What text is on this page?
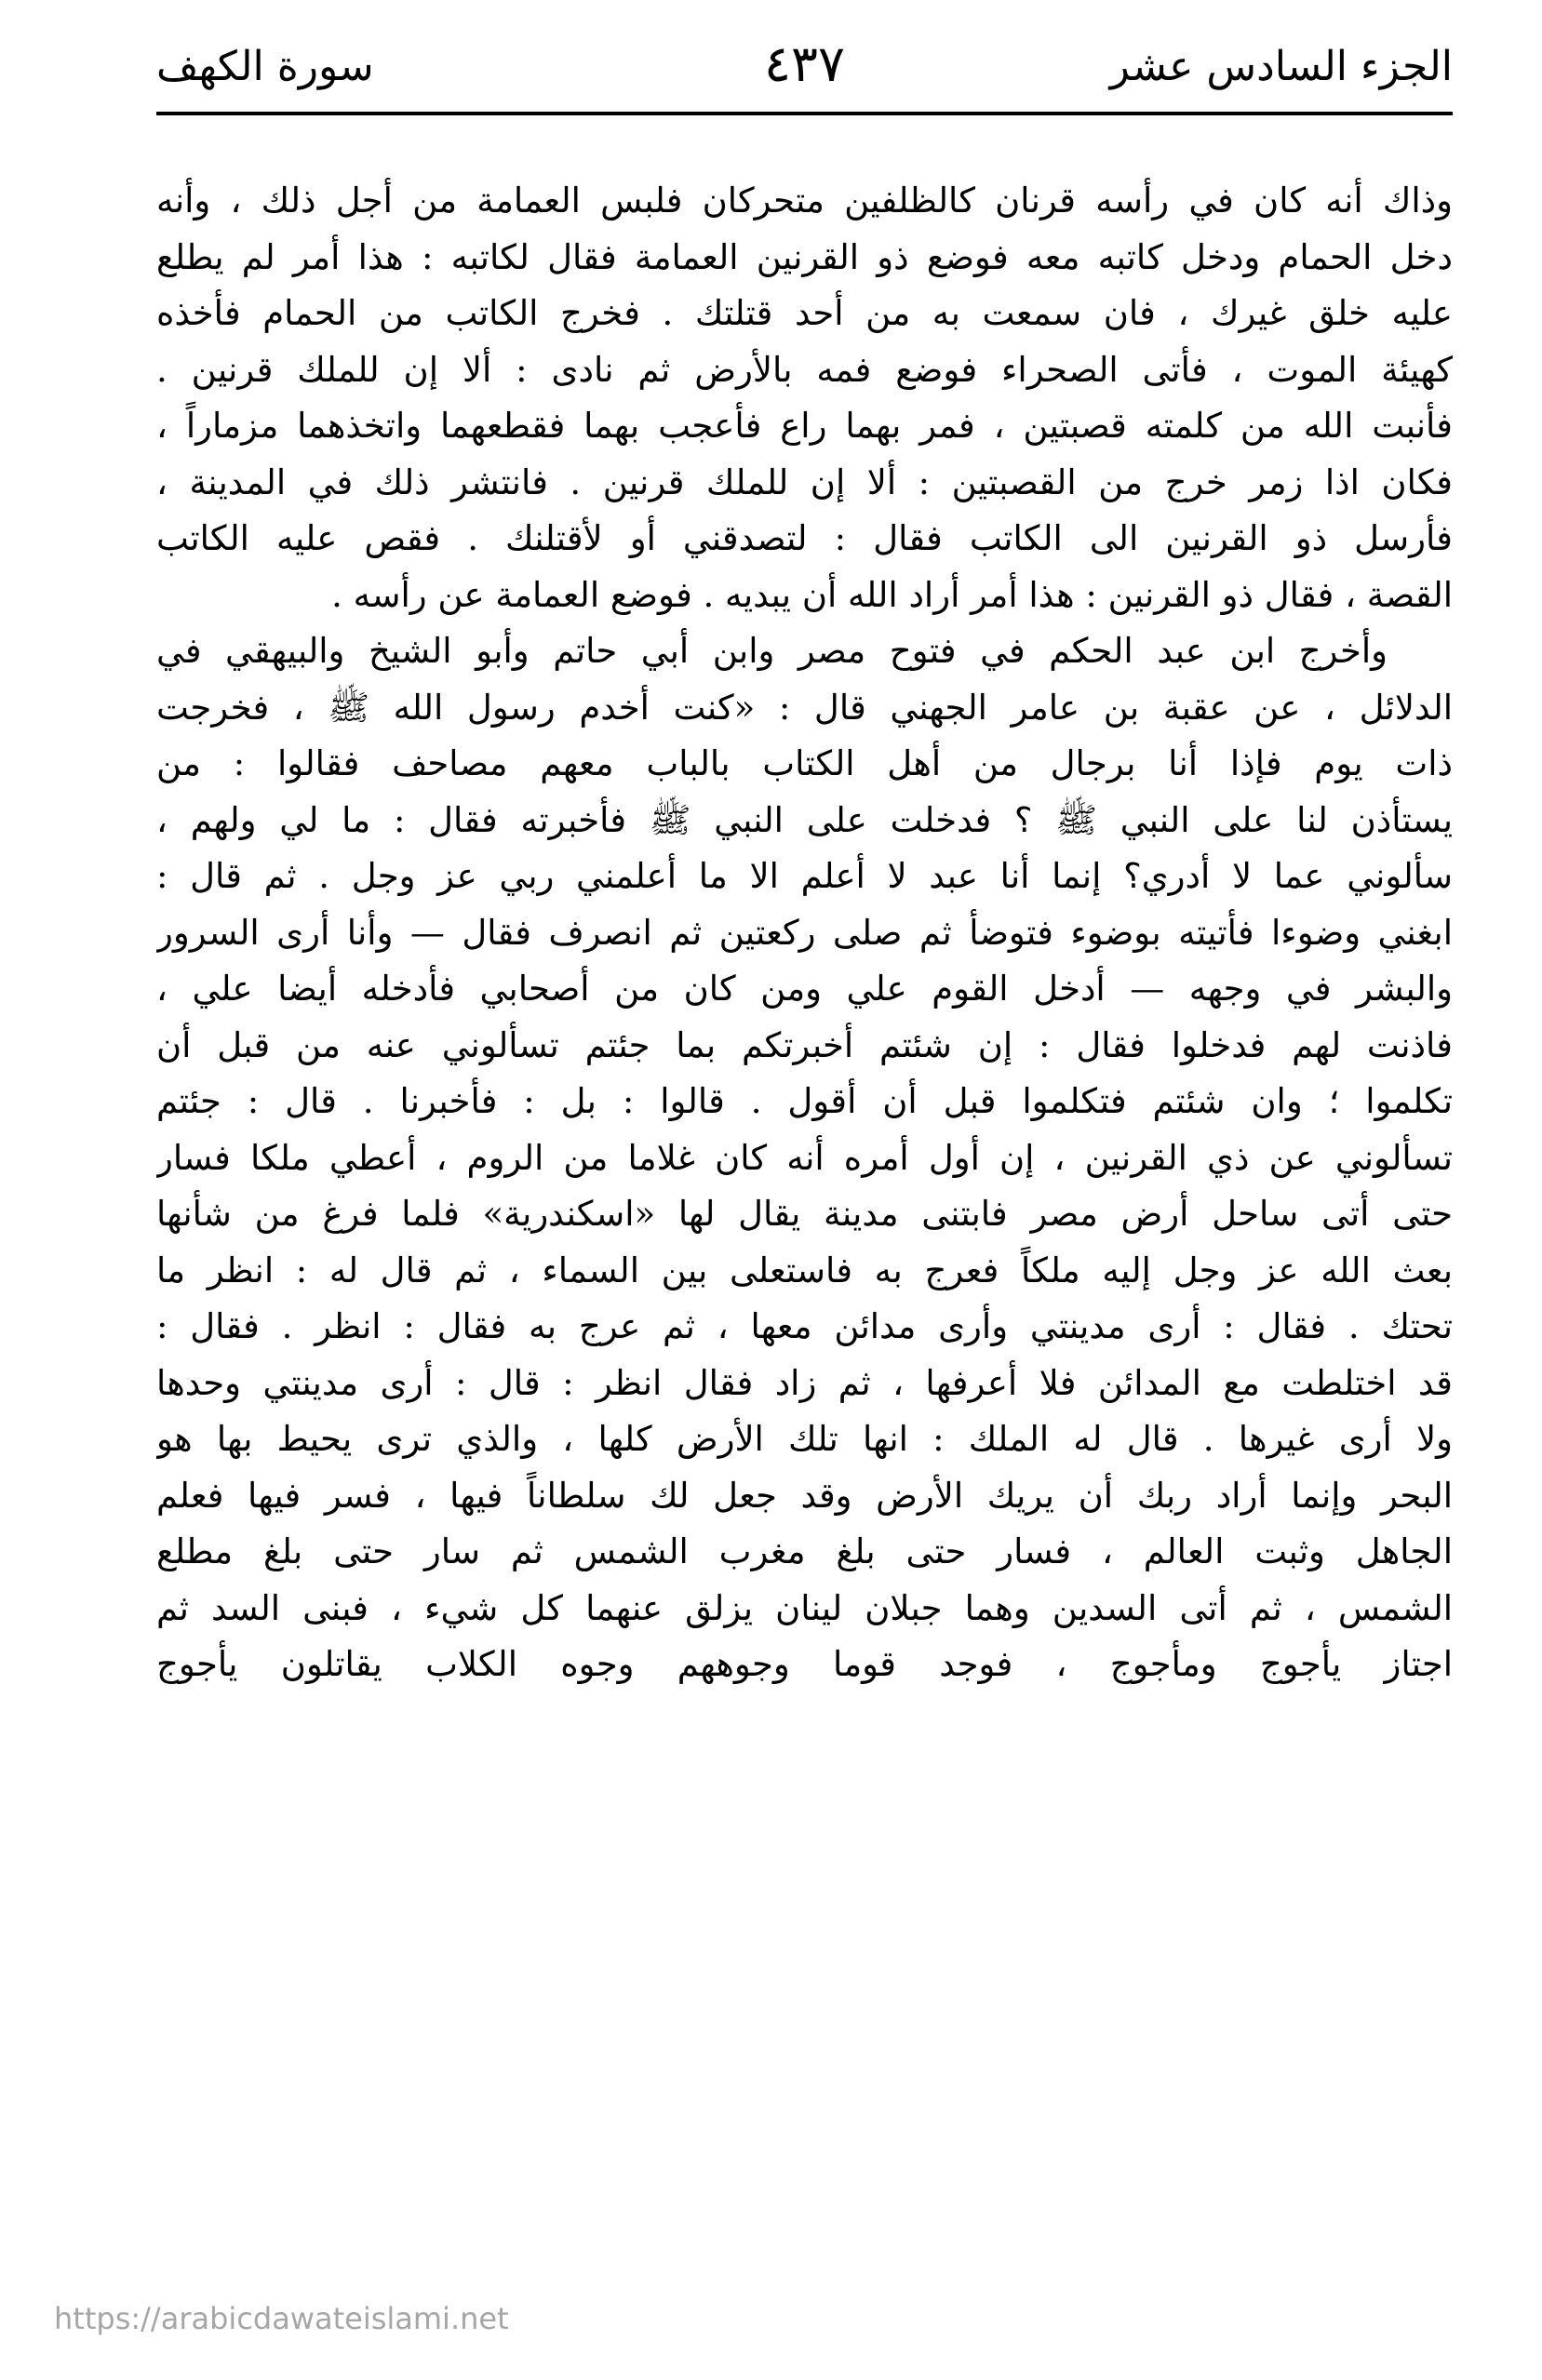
الجزء السادس عشر
٤٣٧
سورة الكهف
وذاك أنه كان في رأسه قرنان كالظلفين متحركان فلبس العمامة من أجل ذلك ، وأنه
دخل الحمام ودخل كاتبه معه فوضع ذو القرنين العمامة فقال لكاتبه : هذا أمر لم يطلع
عليه خلق غيرك ، فان سمعت به من أحد قتلتك . فخرج الكاتب من الحمام فأخذه
كهيئة الموت ، فأتى الصحراء فوضع فمه بالأرض ثم نادى : ألا إن للملك قرنين .
فأنبت الله من كلمته قصبتين ، فمر بهما راع فأعجب بهما فقطعهما واتخذهما مزماراً ،
فكان اذا زمر خرج من القصبتين : ألا إن للملك قرنين . فانتشر ذلك في المدينة ،
فأرسل ذو القرنين الى الكاتب فقال : لتصدقني أو لأقتلنك . فقص عليه الكاتب
القصة ، فقال ذو القرنين : هذا أمر أراد الله أن يبديه . فوضع العمامة عن رأسه .
وأخرج ابن عبد الحكم في فتوح مصر وابن أبي حاتم وأبو الشيخ والبيهقي في
الدلائل ، عن عقبة بن عامر الجهني قال : «كنت أخدم رسول الله ﷺ ، فخرجت
ذات يوم فإذا أنا برجال من أهل الكتاب بالباب معهم مصاحف فقالوا : من
يستأذن لنا على النبي ﷺ ؟ فدخلت على النبي ﷺ فأخبرته فقال : ما لي ولهم ،
سألوني عما لا أدري؟ إنما أنا عبد لا أعلم الا ما أعلمني ربي عز وجل . ثم قال :
ابغني وضوءا فأتيته بوضوء فتوضأ ثم صلى ركعتين ثم انصرف فقال — وأنا أرى السرور
والبشر في وجهه — أدخل القوم علي ومن كان من أصحابي فأدخله أيضا علي ،
فاذنت لهم فدخلوا فقال : إن شئتم أخبرتكم بما جئتم تسألوني عنه من قبل أن
تكلموا ؛ وان شئتم فتكلموا قبل أن أقول . قالوا : بل : فأخبرنا . قال : جئتم
تسألوني عن ذي القرنين ، إن أول أمره أنه كان غلاما من الروم ، أعطي ملكا فسار
حتى أتى ساحل أرض مصر فابتنى مدينة يقال لها «اسكندرية» فلما فرغ من شأنها
بعث الله عز وجل إليه ملكاً فعرج به فاستعلى بين السماء ، ثم قال له : انظر ما
تحتك . فقال : أرى مدينتي وأرى مدائن معها ، ثم عرج به فقال : انظر . فقال :
قد اختلطت مع المدائن فلا أعرفها ، ثم زاد فقال انظر : قال : أرى مدينتي وحدها
ولا أرى غيرها . قال له الملك : انها تلك الأرض كلها ، والذي ترى يحيط بها هو
البحر وإنما أراد ربك أن يريك الأرض وقد جعل لك سلطاناً فيها ، فسر فيها فعلم
الجاهل وثبت العالم ، فسار حتى بلغ مغرب الشمس ثم سار حتى بلغ مطلع
الشمس ، ثم أتى السدين وهما جبلان لينان يزلق عنهما كل شيء ، فبنى السد ثم
اجتاز يأجوج ومأجوج ، فوجد قوما وجوههم وجوه الكلاب يقاتلون يأجوج
https://arabicdawateislami.net
